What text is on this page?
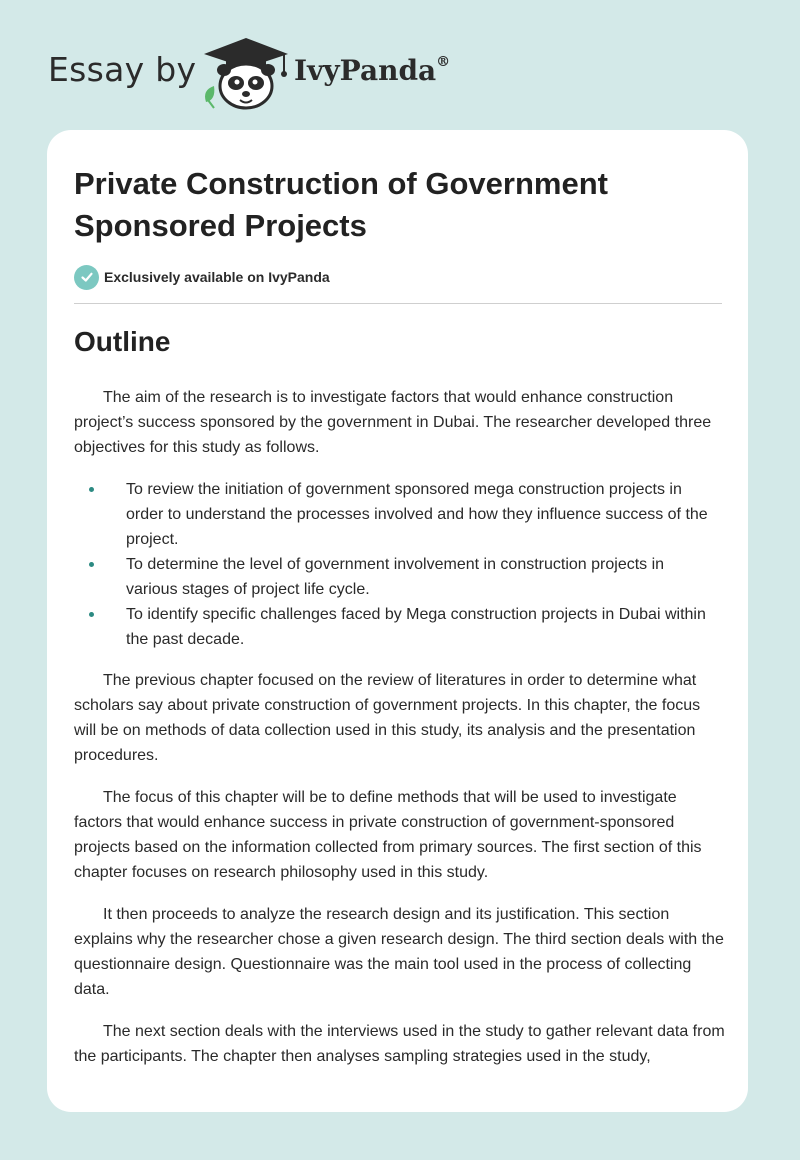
Essay by	IvyPanda®
Private Construction of Government Sponsored Projects
Exclusively available on IvyPanda
Outline

The aim of the research is to investigate factors that would enhance construction project’s success sponsored by the government in Dubai. The researcher developed three objectives for this study as follows.

To review the initiation of government sponsored mega construction projects in order to understand the processes involved and how they influence success of the project.
To determine the level of government involvement in construction projects in various stages of project life cycle.
To identify specific challenges faced by Mega construction projects in Dubai within the past decade.

The previous chapter focused on the review of literatures in order to determine what scholars say about private construction of government projects. In this chapter, the focus will be on methods of data collection used in this study, its analysis and the presentation procedures.

The focus of this chapter will be to define methods that will be used to investigate factors that would enhance success in private construction of government-sponsored projects based on the information collected from primary sources. The first section of this chapter focuses on research philosophy used in this study.

It then proceeds to analyze the research design and its justification. This section explains why the researcher chose a given research design. The third section deals with the questionnaire design. Questionnaire was the main tool used in the process of collecting data.

The next section deals with the interviews used in the study to gather relevant data from the participants. The chapter then analyses sampling strategies used in the study,
